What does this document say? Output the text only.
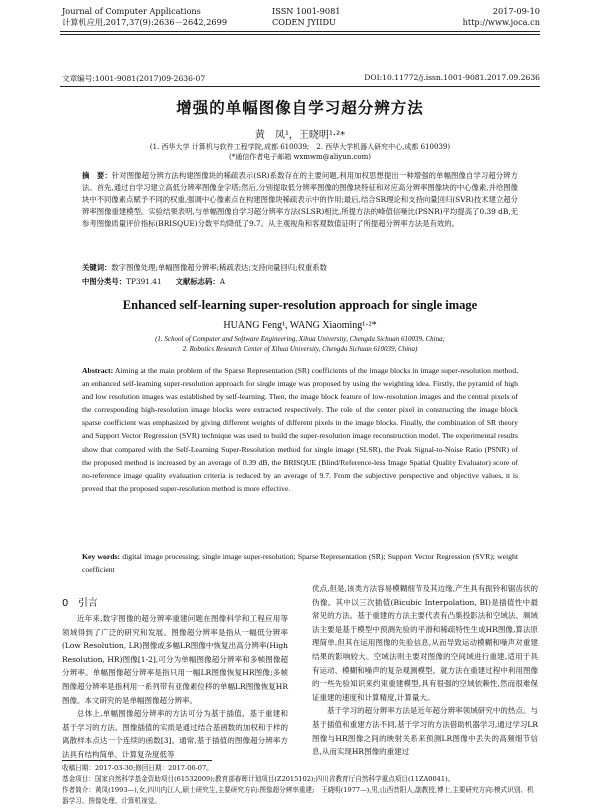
Journal of Computer Applications
计算机应用,2017,37(9):2636－2642,2699
ISSN 1001-9081
CODEN JYIIDU
2017-09-10
http://www.joca.cn
文章编号:1001-9081(2017)09-2636-07	DOI:10.11772/j.issn.1001-9081.2017.09.2636
增强的单幅图像自学习超分辨方法
黄　凤¹，王晓明¹·²*
(1. 西华大学 计算机与软件工程学院,成都 610039;　2. 西华大学机器人研究中心,成都 610039)
(*通信作者电子邮箱 wxmwm@aliyun.com)
摘　要：针对图像超分辨方法构建图像块的稀疏表示(SR)系数存在的主要问题,利用加权思想提出一种增强的单幅图像自学习超分辨方法。首先,通过自学习建立高低分辨率图像金字塔;然后,分别提取低分辨率图像的图像块特征和对应高分辨率图像块的中心像素,并给图像块中不同像素点赋予不同的权重,强调中心像素点在构建图像块稀疏表示中的作用;最后,结合SR理论和支持向量回归(SVR)技术建立超分辨率图像重建模型。实验结果表明,与单幅图像自学习超分辨率方法(SLSR)相比,所提方法的峰值信噪比(PSNR)平均提高了0.39 dB,无参考图像质量评价指标(BRISQUE)分数平均降低了9.7。从主观视角和客观数值证明了所提超分辨率方法是有效的。
关键词：数字图像处理;单幅图像超分辨率;稀疏表达;支持向量回归;权重系数
中图分类号：TP391.41 文献标志码：A
Enhanced self-learning super-resolution approach for single image
HUANG Feng¹, WANG Xiaoming¹·²*
(1. School of Computer and Software Engineering, Xihua University, Chengdu Sichuan 610039, China;
2. Robotics Research Center of Xihua University, Chengdu Sichuan 610039, China)
Abstract: Aiming at the main problem of the Sparse Representation (SR) coefficients of the image blocks in image super-resolution method, an enhanced self-learning super-resolution approach for single image was proposed by using the weighting idea. Firstly, the pyramid of high and low resolution images was established by self-learning. Then, the image block feature of low-resolution images and the central pixels of the corresponding high-resolution image blocks were extracted respectively. The role of the center pixel in constructing the image block sparse coefficient was emphasized by giving different weights of different pixels in the image blocks. Finally, the combination of SR theory and Support Vector Regression (SVR) technique was used to build the super-resolution image reconstruction model. The experimental results show that compared with the Self-Learning Super-Resolution method for single image (SLSR), the Peak Signal-to-Noise Ratio (PSNR) of the proposed method is increased by an average of 0.39 dB, the BRISQUE (Blind/Reference-less Image Spatial Quality Evaluator) score of no-reference image quality evaluation criteria is reduced by an average of 9.7. From the subjective perspective and objective values, it is proved that the proposed super-resolution method is more effective.
Key words: digital image processing; single image super-resolution; Sparse Representation (SR); Support Vector Regression (SVR); weight coefficient
0 引言

近年来,数字图像的超分辨率重建问题在图像科学和工程应用等领域得到了广泛的研究和发展。图像超分辨率是指从一幅低分辨率(Low Resolution, LR)图像或多幅LR图像中恢复出高分辨率(High Resolution, HR)图像[1-2],可分为单幅图像超分辨率和多帧图像超分辨率。单幅图像超分辨率是指只用一幅LR图像恢复HR图像;多帧图像超分辨率是指利用一系列带有亚像素位移的单幅LR图像恢复HR图像。本文研究的是单幅图像超分辨率。

总体上,单幅图像超分辨率的方法可分为基于插值、基于重建和基于学习的方法。图像插值的实质是通过结合基函数的加权和于样的离散样本点达一个连续的函数[3]。通常,基于插值的图像超分辨率方法具有结构简单、计算复杂度低等

优点,但是,该类方法容易模糊细节及其边缘,产生具有振铃和锯齿状的伪像。其中以三次插值(Bicubic Interpolation, BI)是插值性中最常见的方法。基于重建的方法主要代表有凸集投影法和空域法、频域法主要是基于模型中预测先验的平滑和稀疏特性生成HR图像,算法原理简单,但其在运用图像的先验信息,从而导致运动模糊和噪声对重建结果的影响较大。空域法则主要对图像的空间域进行重建,适用于具有运动、模糊和噪声的复杂观测模型。就方法在重建过程中利用图像的一些先验知识来约束重建模型,具有很强的空域依赖性,然而很难保证重建的速度和计算精度,计算量大。

基于学习的超分辨率方法是近年超分辨率领域研究中的热点。与基于插值和重建方法不同,基于学习的方法借助机器学习,通过学习LR图像与HR图像之间的映射关系来预测LR图像中丢失的高频细节信息,从而实现HR图像的重建过

收稿日期：2017-03-30;修回日期：2017-06-07。
基金项目：国家自然科学基金资助项目(61532009);教育部春晖计划项目(Z2015102);四川省教育厅自然科学重点项目(11ZA0041)。
作者简介：黄凤(1993—),女,四川内江人,硕士研究生,主要研究方向:图像超分辨率重建;　王晓明(1977—),男,山西昔阳人,副教授,博士,主要研究方向:模式识别、机器学习、图像处理、计算机视觉。
